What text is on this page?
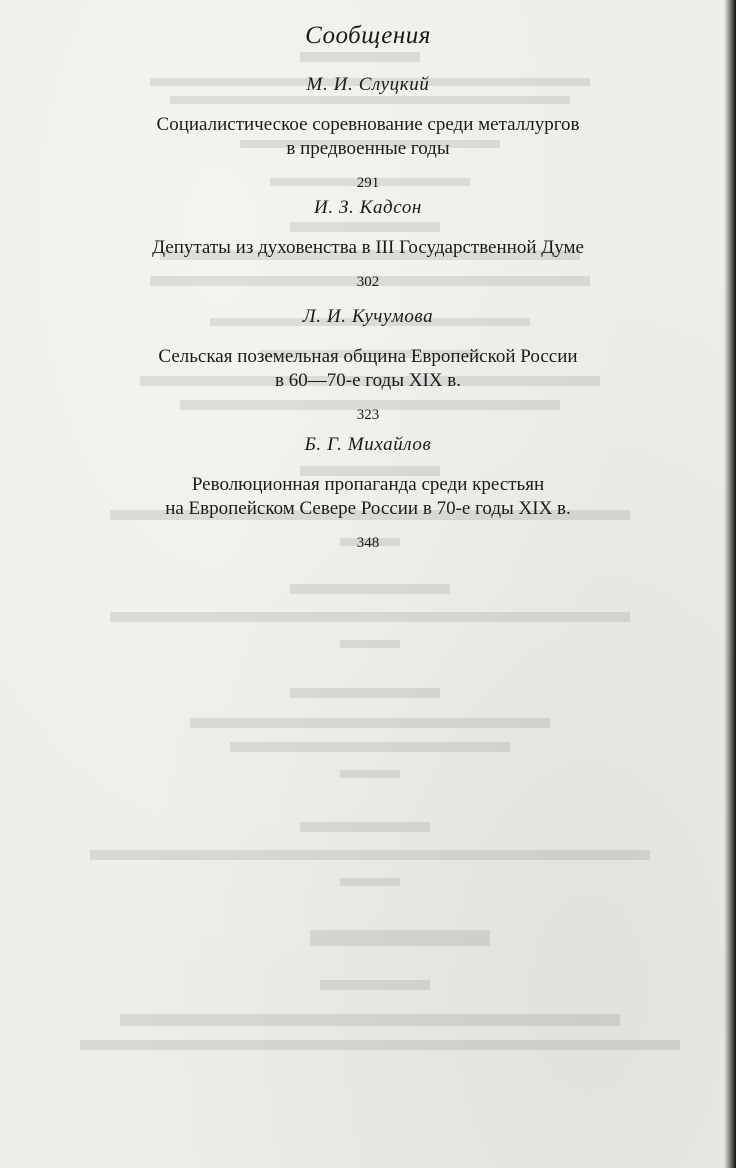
Сообщения
М. И. Слуцкий
Социалистическое соревнование среди металлургов
в предвоенные годы
291
И. З. Кадсон
Депутаты из духовенства в III Государственной Думе
302
Л. И. Кучумова
Сельская поземельная община Европейской России
в 60—70-е годы XIX в.
323
Б. Г. Михайлов
Революционная пропаганда среди крестьян
на Европейском Севере России в 70-е годы XIX в.
348
